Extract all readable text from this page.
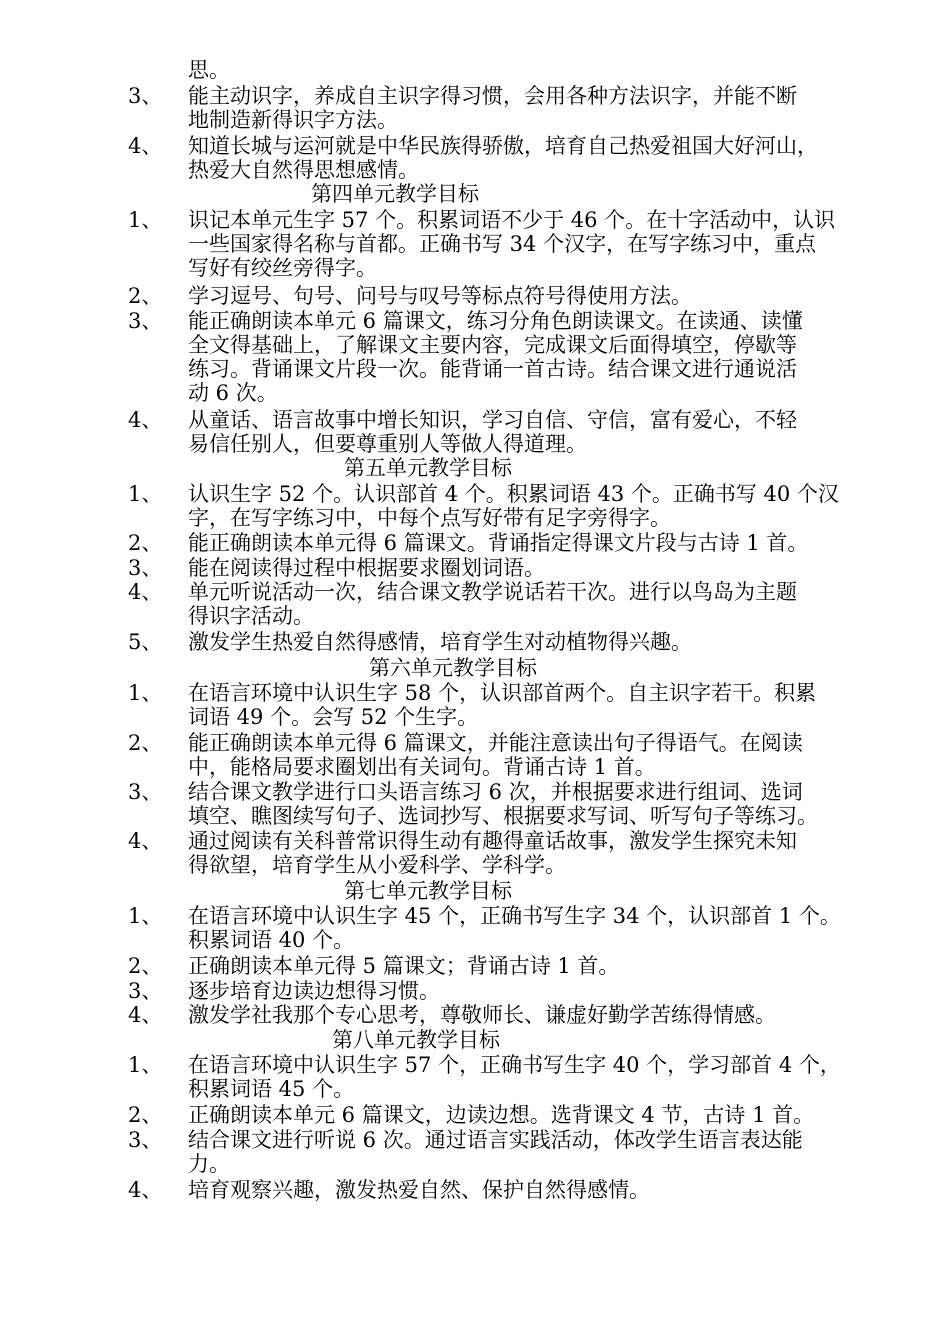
思。
3、 能主动识字，养成自主识字得习惯，会用各种方法识字，并能不断
地制造新得识字方法。
4、 知道长城与运河就是中华民族得骄傲，培育自己热爱祖国大好河山，
热爱大自然得思想感情。
第四单元教学目标
1、 识记本单元生字 57 个。积累词语不少于 46 个。在十字活动中，认识
一些国家得名称与首都。正确书写 34 个汉字，在写字练习中，重点
写好有绞丝旁得字。
2、 学习逗号、句号、问号与叹号等标点符号得使用方法。
3、 能正确朗读本单元 6 篇课文，练习分角色朗读课文。在读通、读懂
全文得基础上，了解课文主要内容，完成课文后面得填空，停歇等
练习。背诵课文片段一次。能背诵一首古诗。结合课文进行通说活
动 6 次。
4、 从童话、语言故事中增长知识，学习自信、守信，富有爱心，不轻
易信任别人，但要尊重别人等做人得道理。
第五单元教学目标
1、 认识生字 52 个。认识部首 4 个。积累词语 43 个。正确书写 40 个汉
字，在写字练习中，中每个点写好带有足字旁得字。
2、 能正确朗读本单元得 6 篇课文。背诵指定得课文片段与古诗 1 首。
3、 能在阅读得过程中根据要求圈划词语。
4、 单元听说活动一次，结合课文教学说话若干次。进行以鸟岛为主题
得识字活动。
5、 激发学生热爱自然得感情，培育学生对动植物得兴趣。
第六单元教学目标
1、 在语言环境中认识生字 58 个，认识部首两个。自主识字若干。积累
词语 49 个。会写 52 个生字。
2、 能正确朗读本单元得 6 篇课文，并能注意读出句子得语气。在阅读
中，能格局要求圈划出有关词句。背诵古诗 1 首。
3、 结合课文教学进行口头语言练习 6 次，并根据要求进行组词、选词
填空、瞧图续写句子、选词抄写、根据要求写词、听写句子等练习。
4、 通过阅读有关科普常识得生动有趣得童话故事，激发学生探究未知
得欲望，培育学生从小爱科学、学科学。
第七单元教学目标
1、 在语言环境中认识生字 45 个，正确书写生字 34 个，认识部首 1 个。
积累词语 40 个。
2、 正确朗读本单元得 5 篇课文；背诵古诗 1 首。
3、 逐步培育边读边想得习惯。
4、 激发学社我那个专心思考，尊敬师长、谦虚好勤学苦练得情感。
第八单元教学目标
1、 在语言环境中认识生字 57 个，正确书写生字 40 个，学习部首 4 个，
积累词语 45 个。
2、 正确朗读本单元 6 篇课文，边读边想。选背课文 4 节，古诗 1 首。
3、 结合课文进行听说 6 次。通过语言实践活动，体改学生语言表达能
力。
4、 培育观察兴趣，激发热爱自然、保护自然得感情。
